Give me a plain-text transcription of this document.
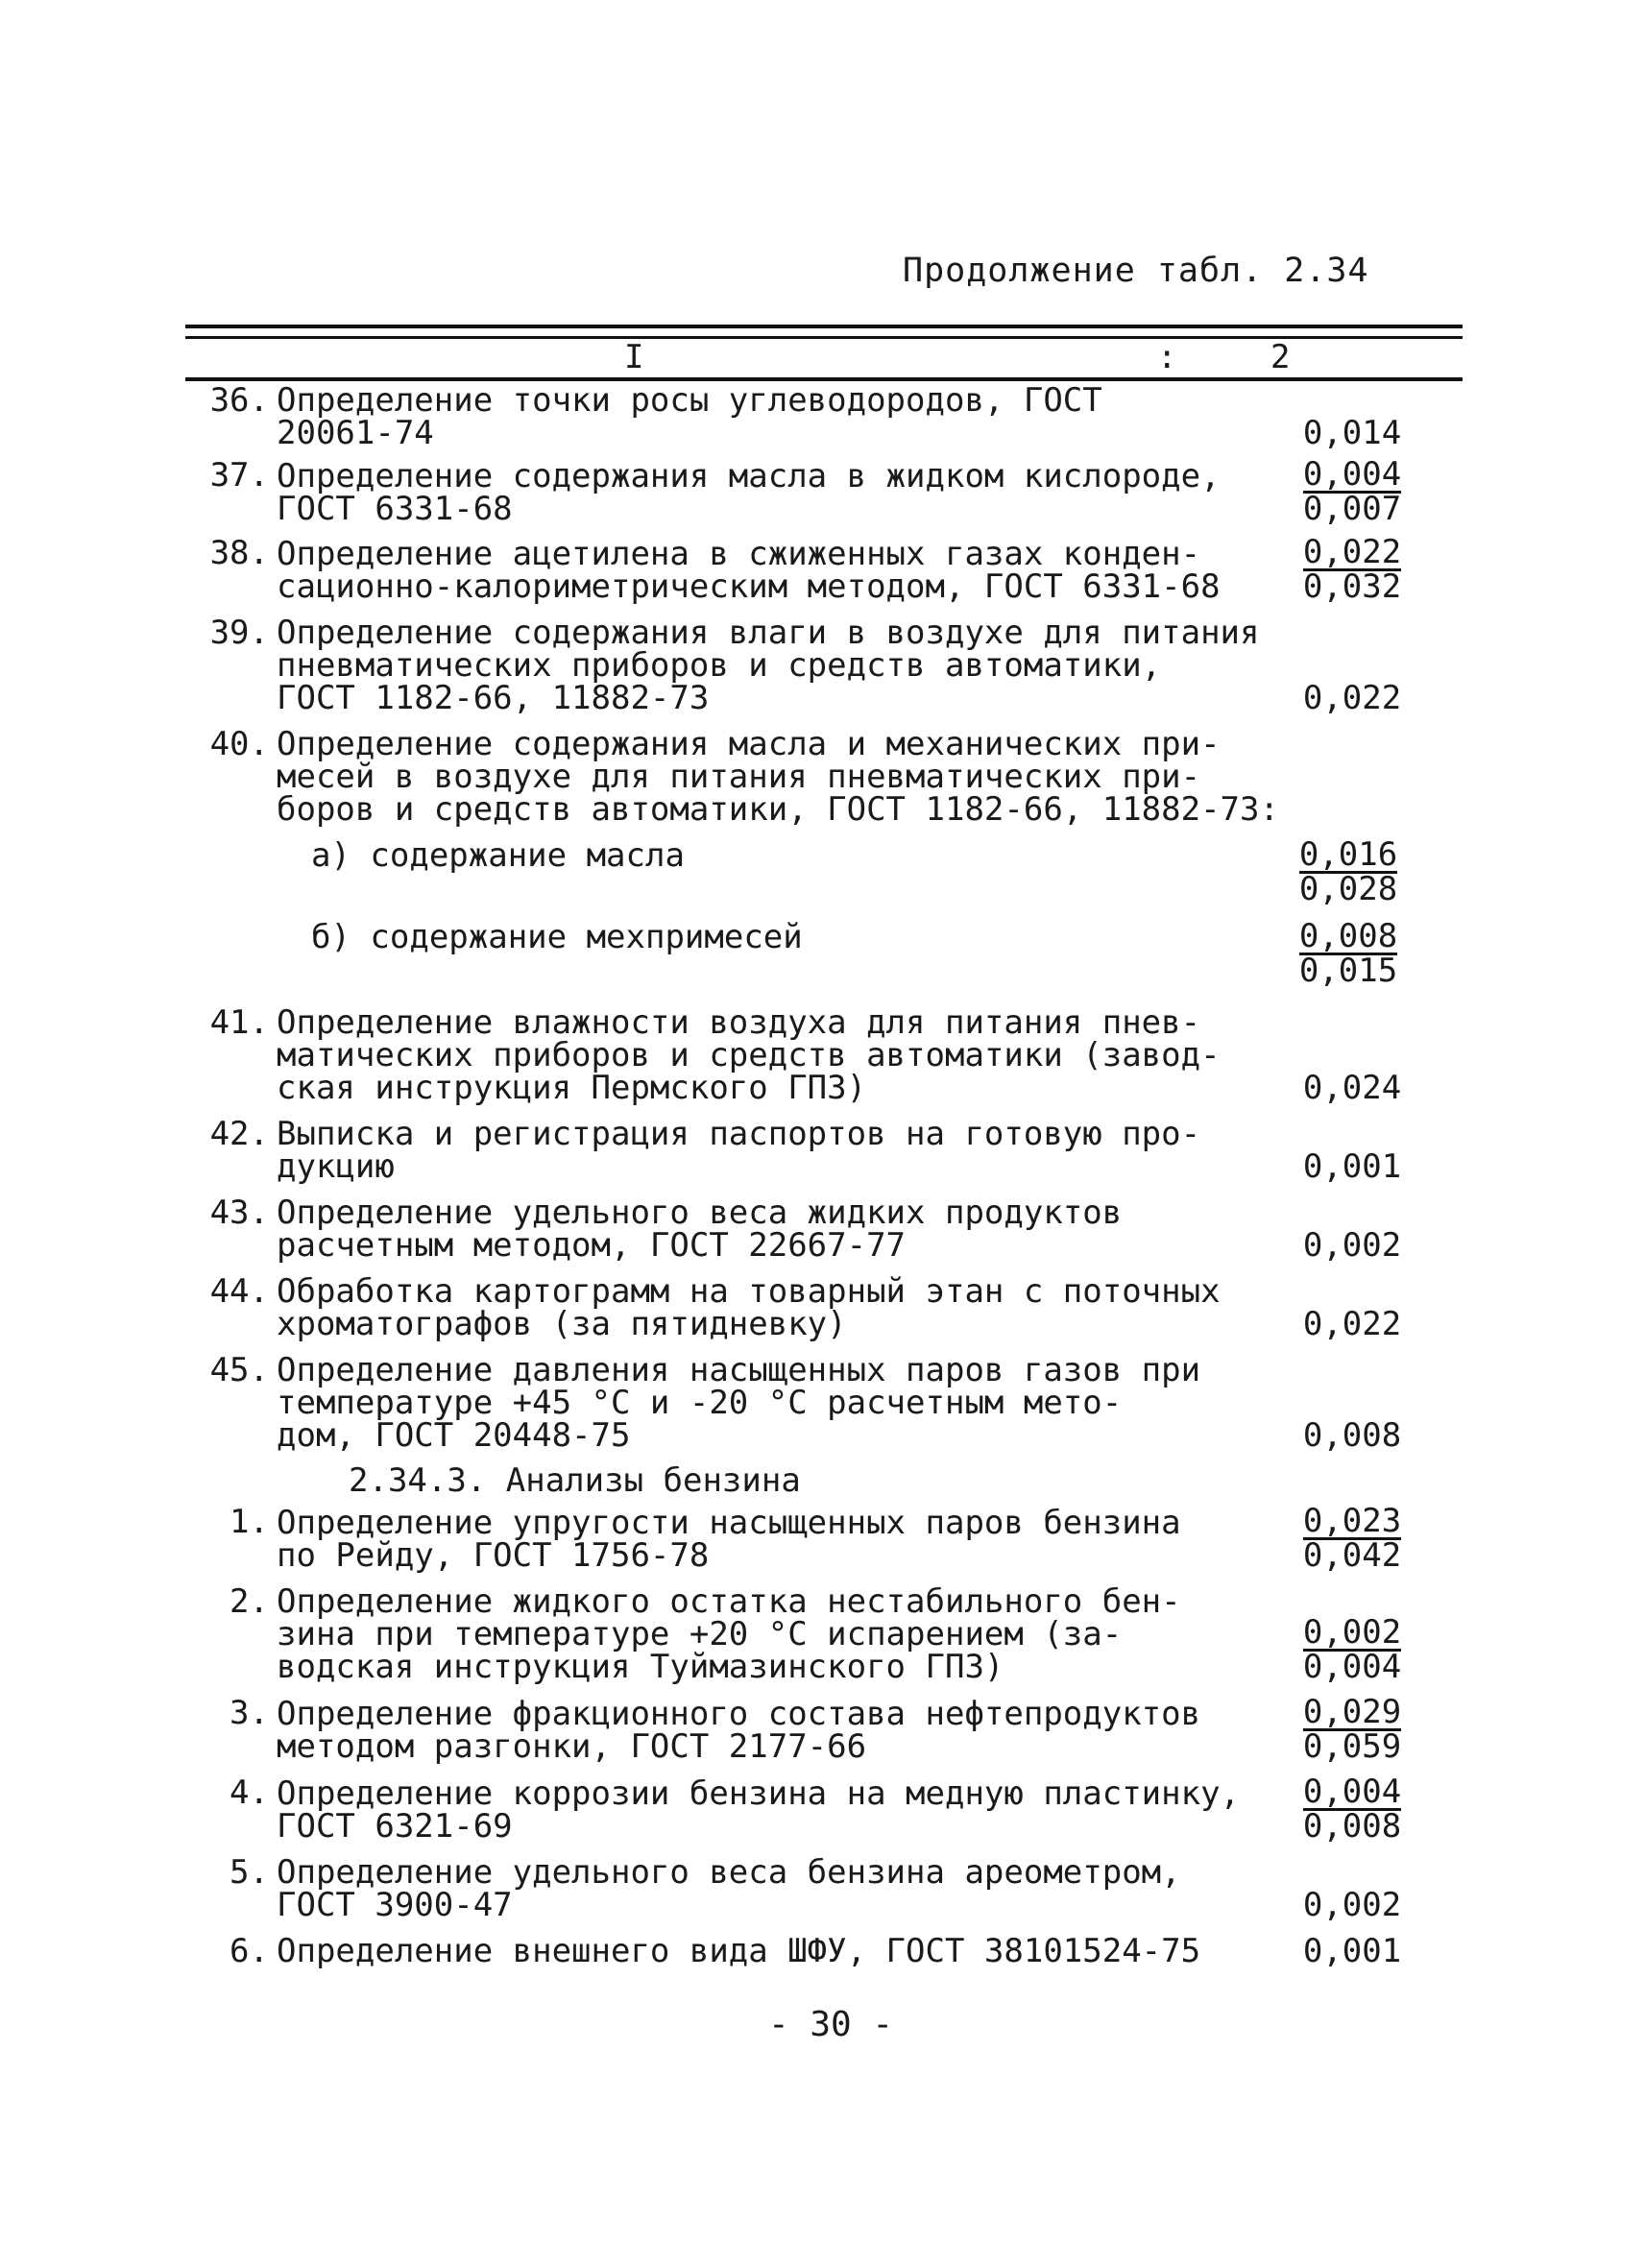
Продолжение табл. 2.34
I	:	2
36. Определение точки росы углеводородов, ГОСТ
20061-74	0,014
37. Определение содержания масла в жидком кислороде,
ГОСТ 6331-68	$\frac{0,004}{0,007}$
38. Определение ацетилена в сжиженных газах конден-
сационно-калориметрическим методом, ГОСТ 6331-68	$\frac{0,022}{0,032}$
39. Определение содержания влаги в воздухе для питания
пневматических приборов и средств автоматики,
ГОСТ 1182-66, 11882-73	0,022
40. Определение содержания масла и механических при-
месей в воздухе для питания пневматических при-
боров и средств автоматики, ГОСТ 1182-66, 11882-73:
а) содержание масла	$\frac{0,016}{0,028}$
б) содержание мехпримесей	$\frac{0,008}{0,015}$
41. Определение влажности воздуха для питания пнев-
матических приборов и средств автоматики (завод-
ская инструкция Пермского ГПЗ)	0,024
42. Выписка и регистрация паспортов на готовую про-
дукцию	0,001
43. Определение удельного веса жидких продуктов
расчетным методом, ГОСТ 22667-77	0,002
44. Обработка картограмм на товарный этан с поточных
хроматографов (за пятидневку)	0,022
45. Определение давления насыщенных паров газов при
температуре +45 °С и -20 °С расчетным мето-
дом, ГОСТ 20448-75	0,008
2.34.3. Анализы бензина
1. Определение упругости насыщенных паров бензина
по Рейду, ГОСТ 1756-78	$\frac{0,023}{0,042}$
2. Определение жидкого остатка нестабильного бен-
зина при температуре +20 °С испарением (за-
водская инструкция Туймазинского ГПЗ)	$\frac{0,002}{0,004}$
3. Определение фракционного состава нефтепродуктов
методом разгонки, ГОСТ 2177-66	$\frac{0,029}{0,059}$
4. Определение коррозии бензина на медную пластинку,
ГОСТ 6321-69	$\frac{0,004}{0,008}$
5. Определение удельного веса бензина ареометром,
ГОСТ 3900-47	0,002
6. Определение внешнего вида ШФУ, ГОСТ 38101524-75	0,001
- 30 -
